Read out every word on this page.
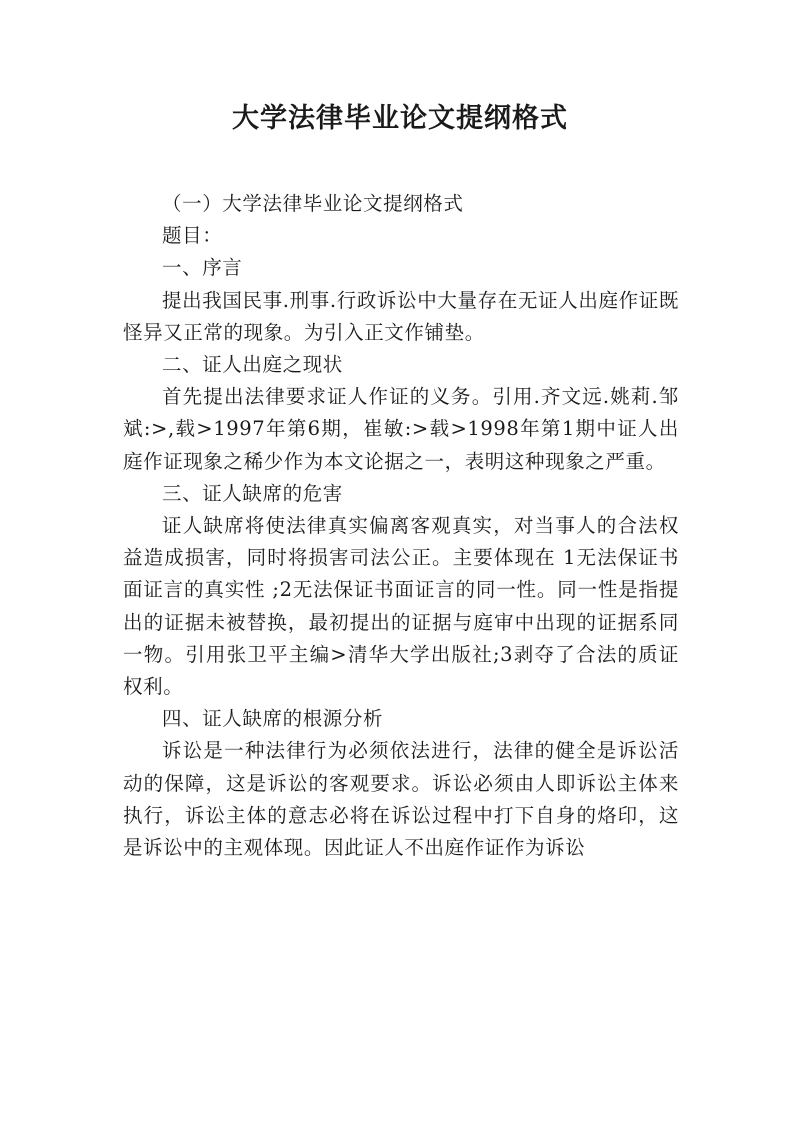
大学法律毕业论文提纲格式

（一）大学法律毕业论文提纲格式

题目：

一、序言

提出我国民事.刑事.行政诉讼中大量存在无证人出庭作证既怪异又正常的现象。为引入正文作铺垫。

二、证人出庭之现状

首先提出法律要求证人作证的义务。引用.齐文远.姚莉.邹斌:>,载>1997年第6期，崔敏:>载>1998年第1期中证人出庭作证现象之稀少作为本文论据之一，表明这种现象之严重。

三、证人缺席的危害

证人缺席将使法律真实偏离客观真实，对当事人的合法权益造成损害，同时将损害司法公正。主要体现在 1无法保证书面证言的真实性 ;2无法保证书面证言的同一性。同一性是指提出的证据未被替换，最初提出的证据与庭审中出现的证据系同一物。引用张卫平主编>清华大学出版社;3剥夺了合法的质证权利。

四、证人缺席的根源分析

诉讼是一种法律行为必须依法进行，法律的健全是诉讼活动的保障，这是诉讼的客观要求。诉讼必须由人即诉讼主体来执行，诉讼主体的意志必将在诉讼过程中打下自身的烙印，这是诉讼中的主观体现。因此证人不出庭作证作为诉讼
